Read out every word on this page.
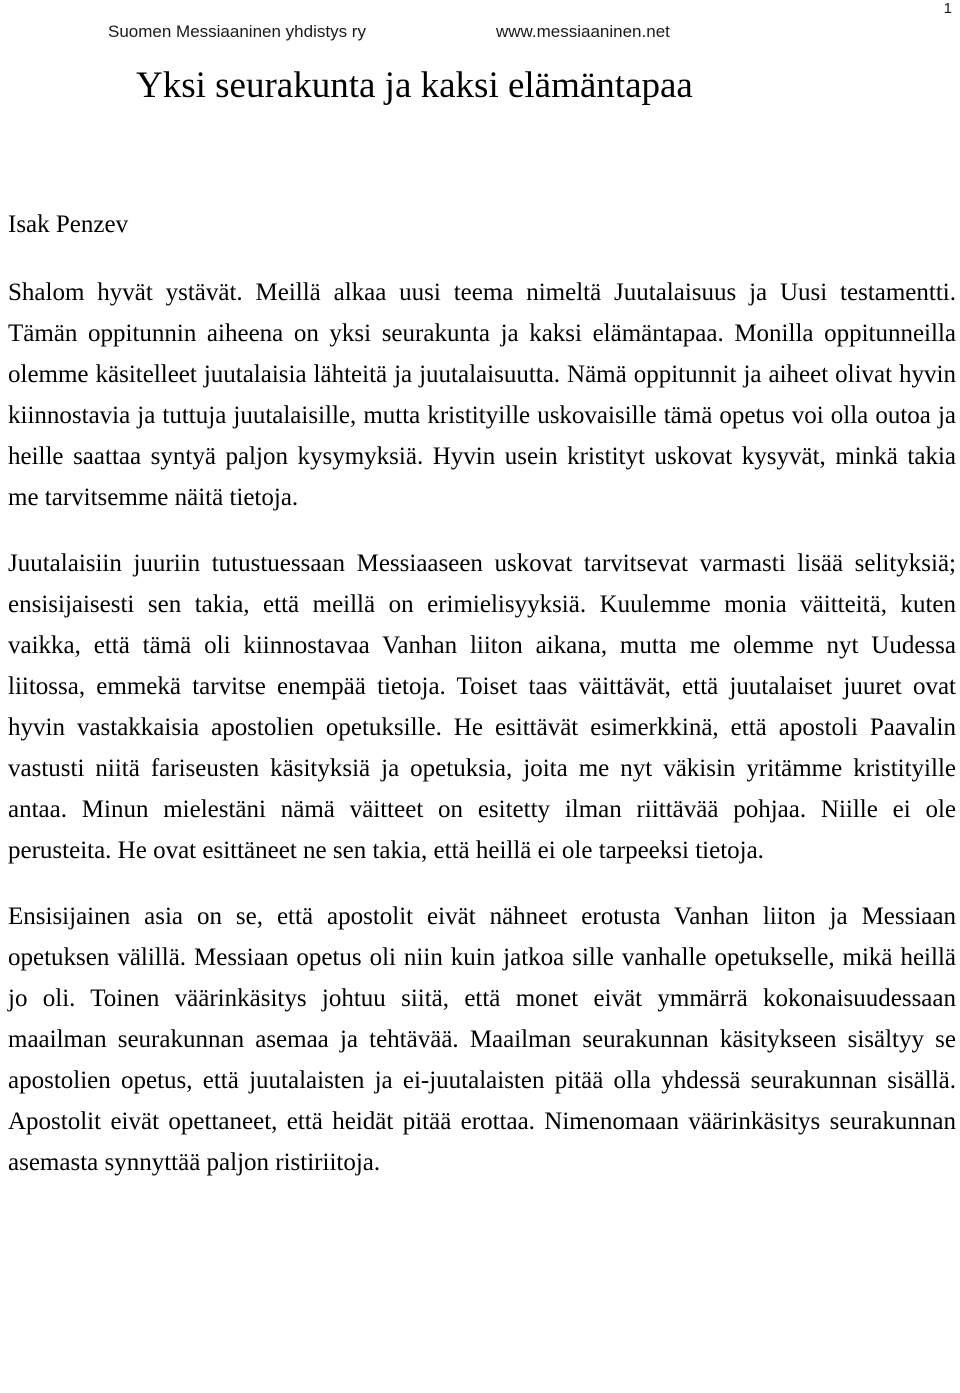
Suomen Messiaaninen yhdistys ry	www.messiaaninen.net
1
Yksi seurakunta ja kaksi elämäntapaa

Isak Penzev

Shalom hyvät ystävät. Meillä alkaa uusi teema nimeltä Juutalaisuus ja Uusi testamentti. Tämän oppitunnin aiheena on yksi seurakunta ja kaksi elämäntapaa. Monilla oppitunneilla olemme käsitelleet juutalaisia lähteitä ja juutalaisuutta. Nämä oppitunnit ja aiheet olivat hyvin kiinnostavia ja tuttuja juutalaisille, mutta kristityille uskovaisille tämä opetus voi olla outoa ja heille saattaa syntyä paljon kysymyksiä. Hyvin usein kristityt uskovat kysyvät, minkä takia me tarvitsemme näitä tietoja.

Juutalaisiin juuriin tutustuessaan Messiaaseen uskovat tarvitsevat varmasti lisää selityksiä; ensisijaisesti sen takia, että meillä on erimielisyyksiä. Kuulemme monia väitteitä, kuten vaikka, että tämä oli kiinnostavaa Vanhan liiton aikana, mutta me olemme nyt Uudessa liitossa, emmekä tarvitse enempää tietoja. Toiset taas väittävät, että juutalaiset juuret ovat hyvin vastakkaisia apostolien opetuksille. He esittävät esimerkkinä, että apostoli Paavalin vastusti niitä fariseusten käsityksiä ja opetuksia, joita me nyt väkisin yritämme kristityille antaa. Minun mielestäni nämä väitteet on esitetty ilman riittävää pohjaa. Niille ei ole perusteita. He ovat esittäneet ne sen takia, että heillä ei ole tarpeeksi tietoja.

Ensisijainen asia on se, että apostolit eivät nähneet erotusta Vanhan liiton ja Messiaan opetuksen välillä. Messiaan opetus oli niin kuin jatkoa sille vanhalle opetukselle, mikä heillä jo oli. Toinen väärinkäsitys johtuu siitä, että monet eivät ymmärrä kokonaisuudessaan maailman seurakunnan asemaa ja tehtävää. Maailman seurakunnan käsitykseen sisältyy se apostolien opetus, että juutalaisten ja ei-juutalaisten pitää olla yhdessä seurakunnan sisällä. Apostolit eivät opettaneet, että heidät pitää erottaa. Nimenomaan väärinkäsitys seurakunnan asemasta synnyttää paljon ristiriitoja.
